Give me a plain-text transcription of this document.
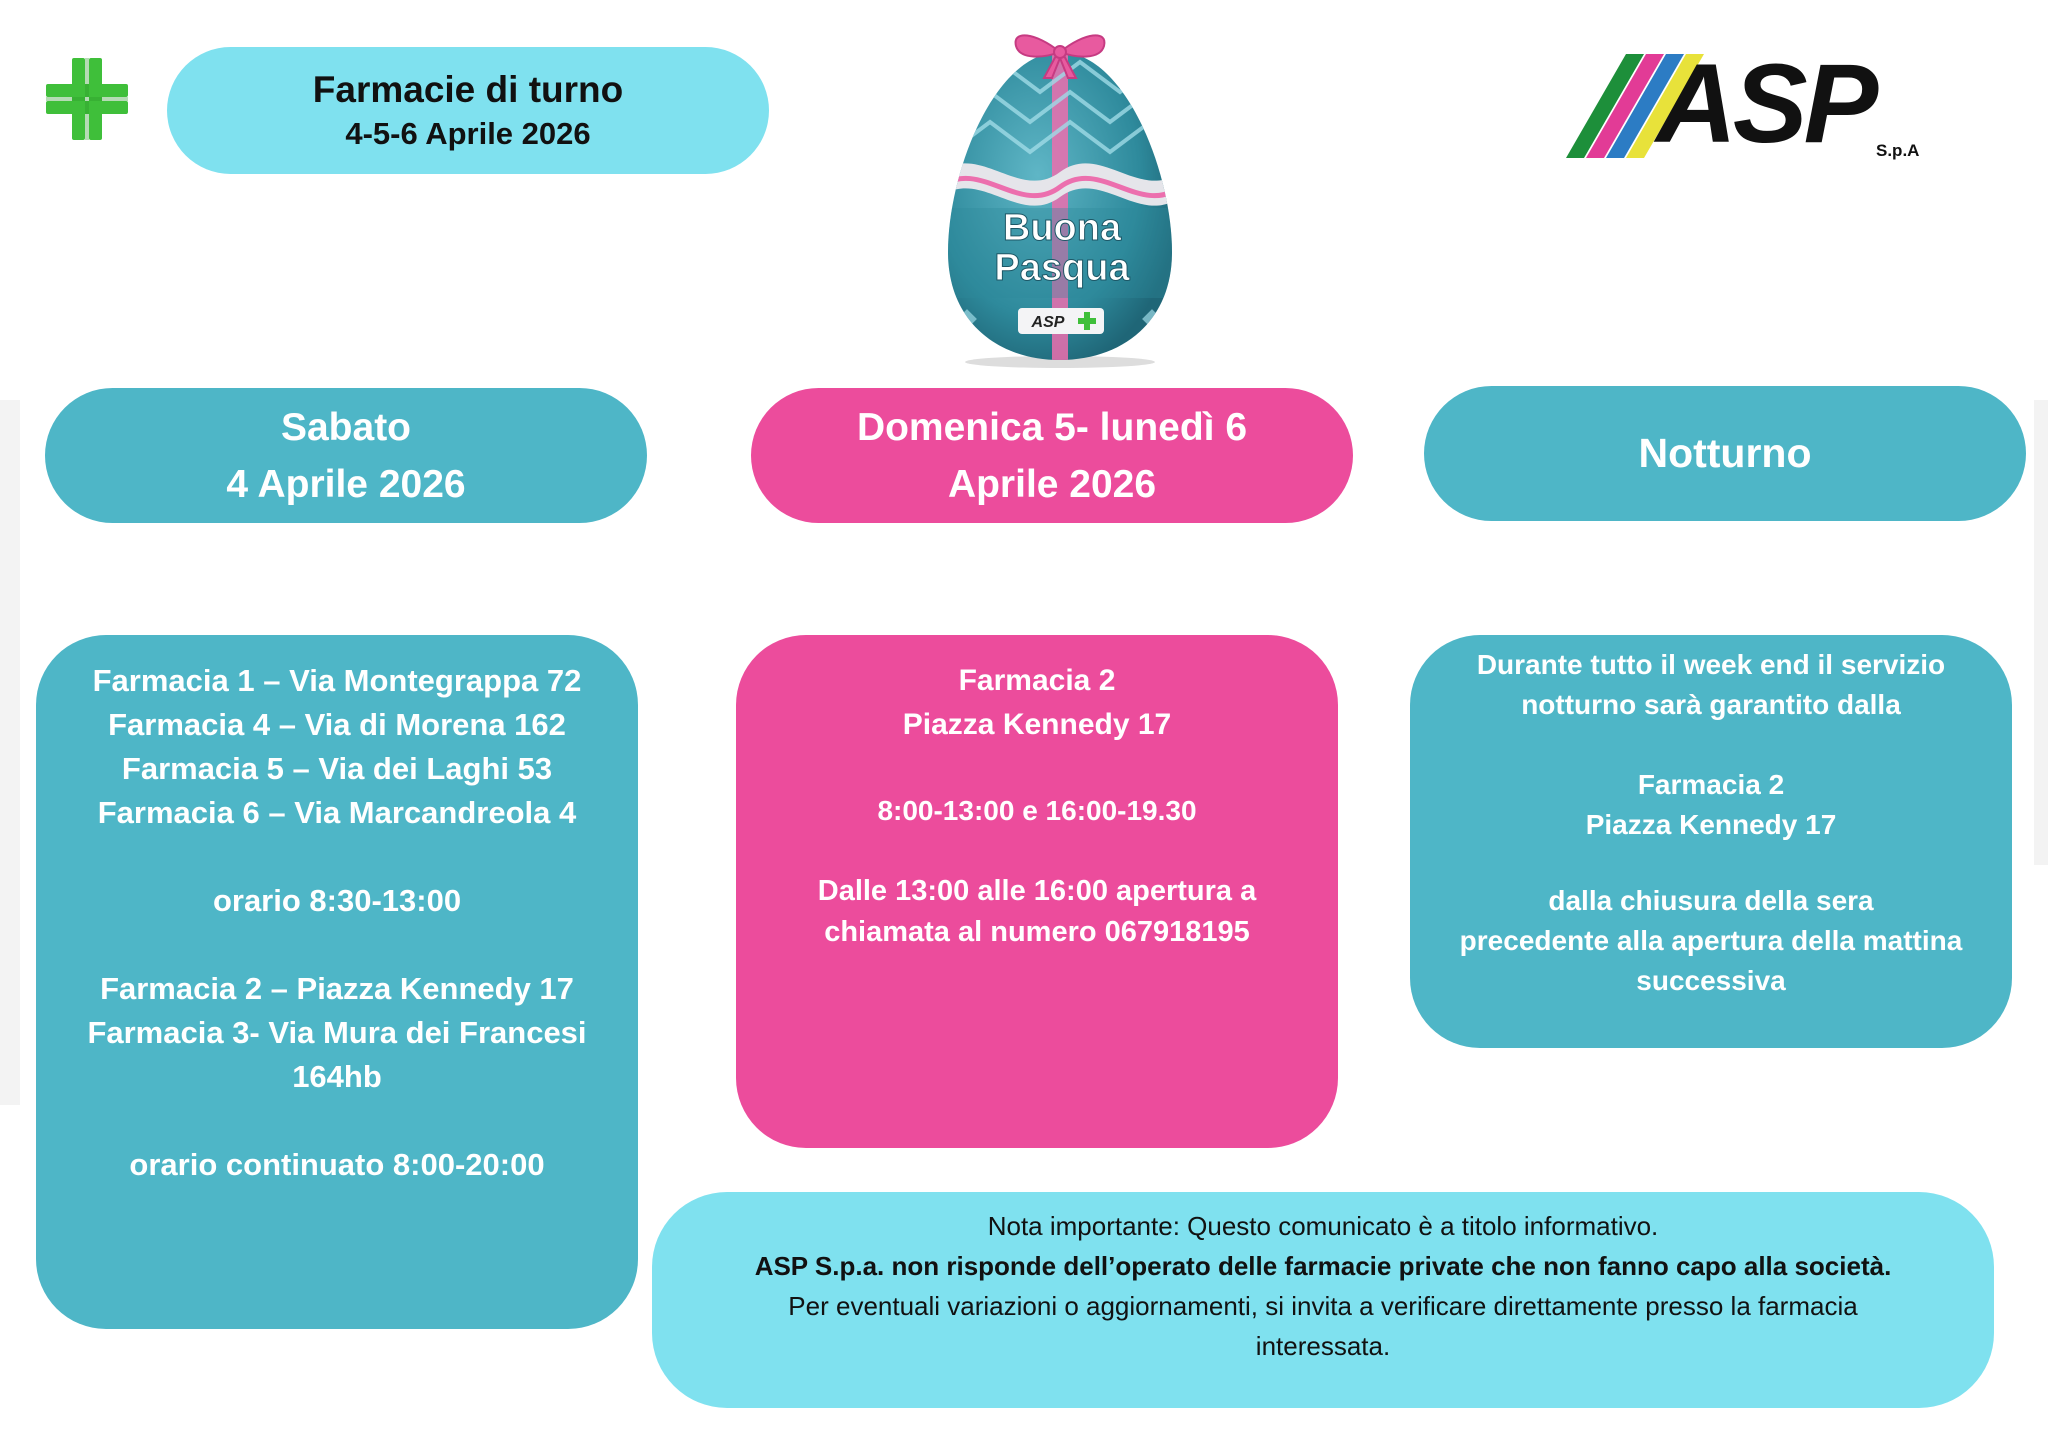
Farmacie di turno
4-5-6 Aprile 2026
Buona
Pasqua
ASP
ASP S.p.A
Sabato
4 Aprile 2026
Domenica 5- lunedì 6
Aprile 2026
Notturno
Farmacia 1 – Via Montegrappa 72
Farmacia 4 – Via di Morena 162
Farmacia 5 – Via dei Laghi 53
Farmacia 6 – Via Marcandreola 4
orario 8:30-13:00
Farmacia 2 – Piazza Kennedy 17
Farmacia 3- Via Mura dei Francesi
164hb
orario continuato 8:00-20:00
Farmacia 2
Piazza Kennedy 17
8:00-13:00 e 16:00-19.30
Dalle 13:00 alle 16:00 apertura a
chiamata al numero 067918195
Durante tutto il week end il servizio
notturno sarà garantito dalla
Farmacia 2
Piazza Kennedy 17
dalla chiusura della sera
precedente alla apertura della mattina
successiva
Nota importante: Questo comunicato è a titolo informativo.
ASP S.p.a. non risponde dell’operato delle farmacie private che non fanno capo alla società.
Per eventuali variazioni o aggiornamenti, si invita a verificare direttamente presso la farmacia
interessata.
